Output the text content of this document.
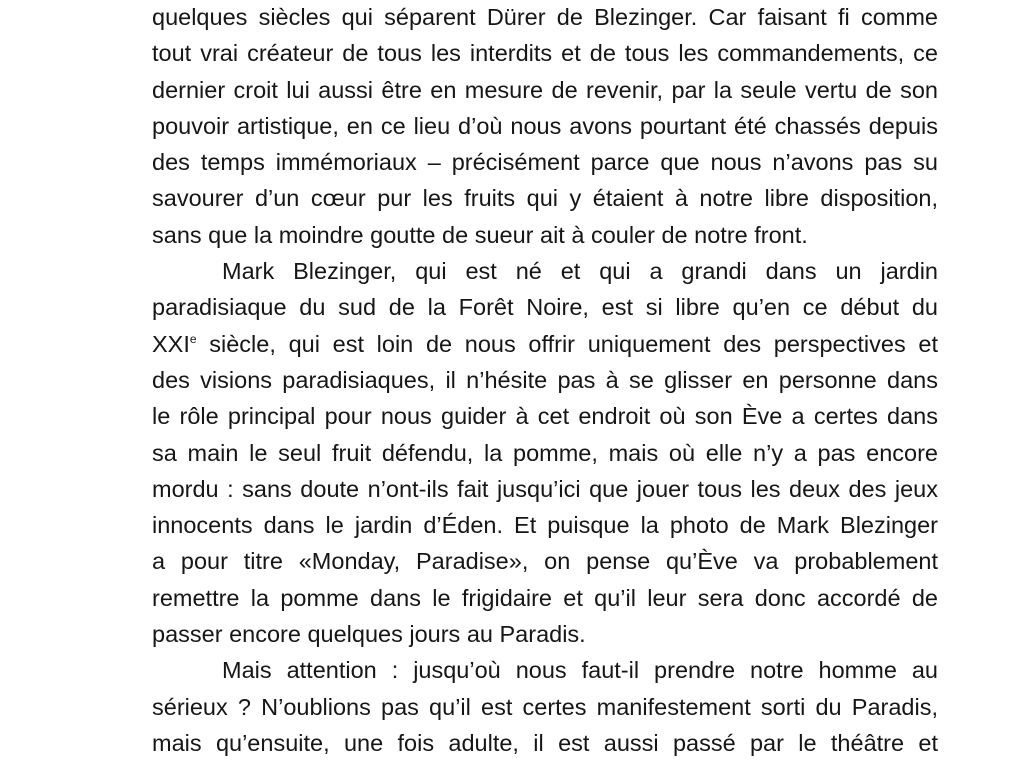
quelques siècles qui séparent Dürer de Blezinger. Car faisant fi comme
tout vrai créateur de tous les interdits et de tous les commandements, ce
dernier croit lui aussi être en mesure de revenir, par la seule vertu de son
pouvoir artistique, en ce lieu d’où nous avons pourtant été chassés depuis
des temps immémoriaux – précisément parce que nous n’avons pas su
savourer d’un cœur pur les fruits qui y étaient à notre libre disposition,
sans que la moindre goutte de sueur ait à couler de notre front.
Mark Blezinger, qui est né et qui a grandi dans un jardin
paradisiaque du sud de la Forêt Noire, est si libre qu’en ce début du
XXIe siècle, qui est loin de nous offrir uniquement des perspectives et
des visions paradisiaques, il n’hésite pas à se glisser en personne dans
le rôle principal pour nous guider à cet endroit où son Ève a certes dans
sa main le seul fruit défendu, la pomme, mais où elle n’y a pas encore
mordu : sans doute n’ont-ils fait jusqu’ici que jouer tous les deux des jeux
innocents dans le jardin d’Éden. Et puisque la photo de Mark Blezinger
a pour titre «Monday, Paradise», on pense qu’Ève va probablement
remettre la pomme dans le frigidaire et qu’il leur sera donc accordé de
passer encore quelques jours au Paradis.
Mais attention : jusqu’où nous faut-il prendre notre homme au
sérieux ? N’oublions pas qu’il est certes manifestement sorti du Paradis,
mais qu’ensuite, une fois adulte, il est aussi passé par le théâtre et
